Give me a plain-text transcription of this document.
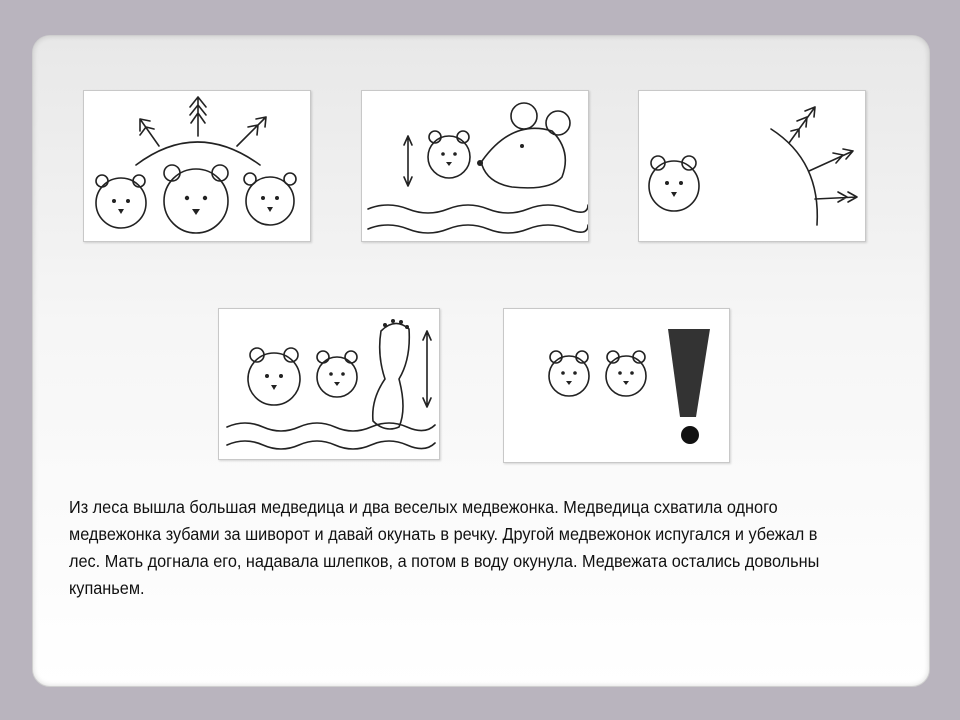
Из леса вышла большая медведица и два веселых медвежонка. Медведица схватила одного медвежонка зубами за шиворот и давай окунать в речку. Другой медвежонок испугался и убежал в лес. Мать догнала его, надавала шлепков, а потом в воду окунула. Медвежата остались довольны купаньем.
